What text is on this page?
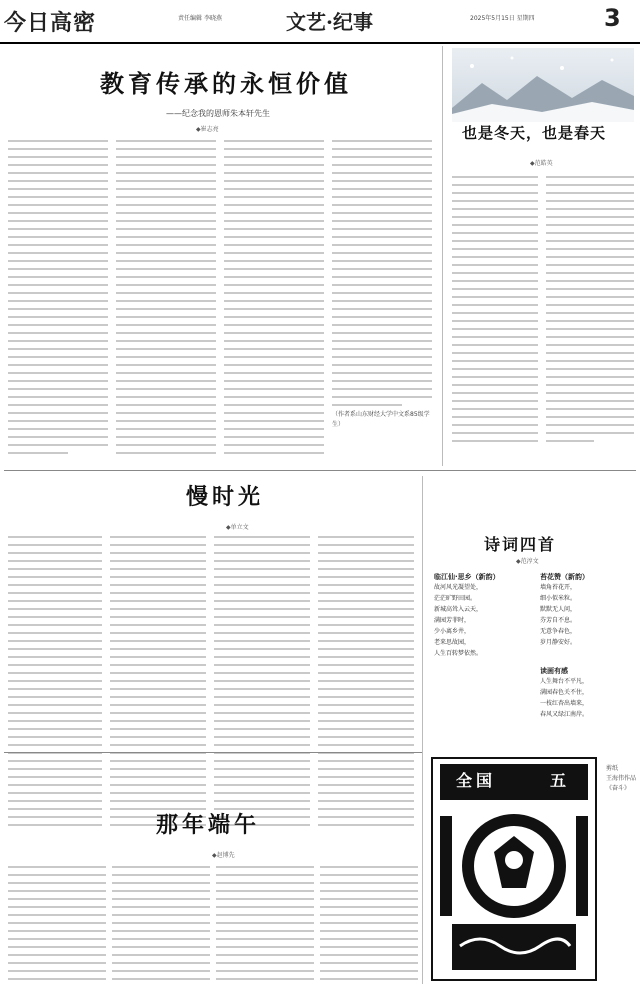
今日高密	责任编辑 李晓燕	文艺·纪事	2025年5月15日 星期四	3
教育传承的永恒价值
——纪念我的恩师朱本轩先生
◆崔志亮
（作者系山东财经大学中文系85级学生）
也是冬天，也是春天
◆范皓英
慢时光
◆单立文
诗词四首
◆范淳文
临江仙·思乡（新韵）
故河风光凝望处，
茫茫旷野田园。
新城高耸入云天，
满园芳菲时，
少小离乡井，
老来思故园，
人生百转梦依然。
苔花赞（新韵）
墙角苔花开，
细小似米粒。
默默无人问，
芬芳自不息。
无意争春色，
岁月静安好。
读画有感
人生舞台不平凡，
满园春色关不住，
一枝红杏出墙来，
春风又绿江南岸。
那年端午
◆赵博先
全国	五
剪纸
王海伟作品
《奋斗》
